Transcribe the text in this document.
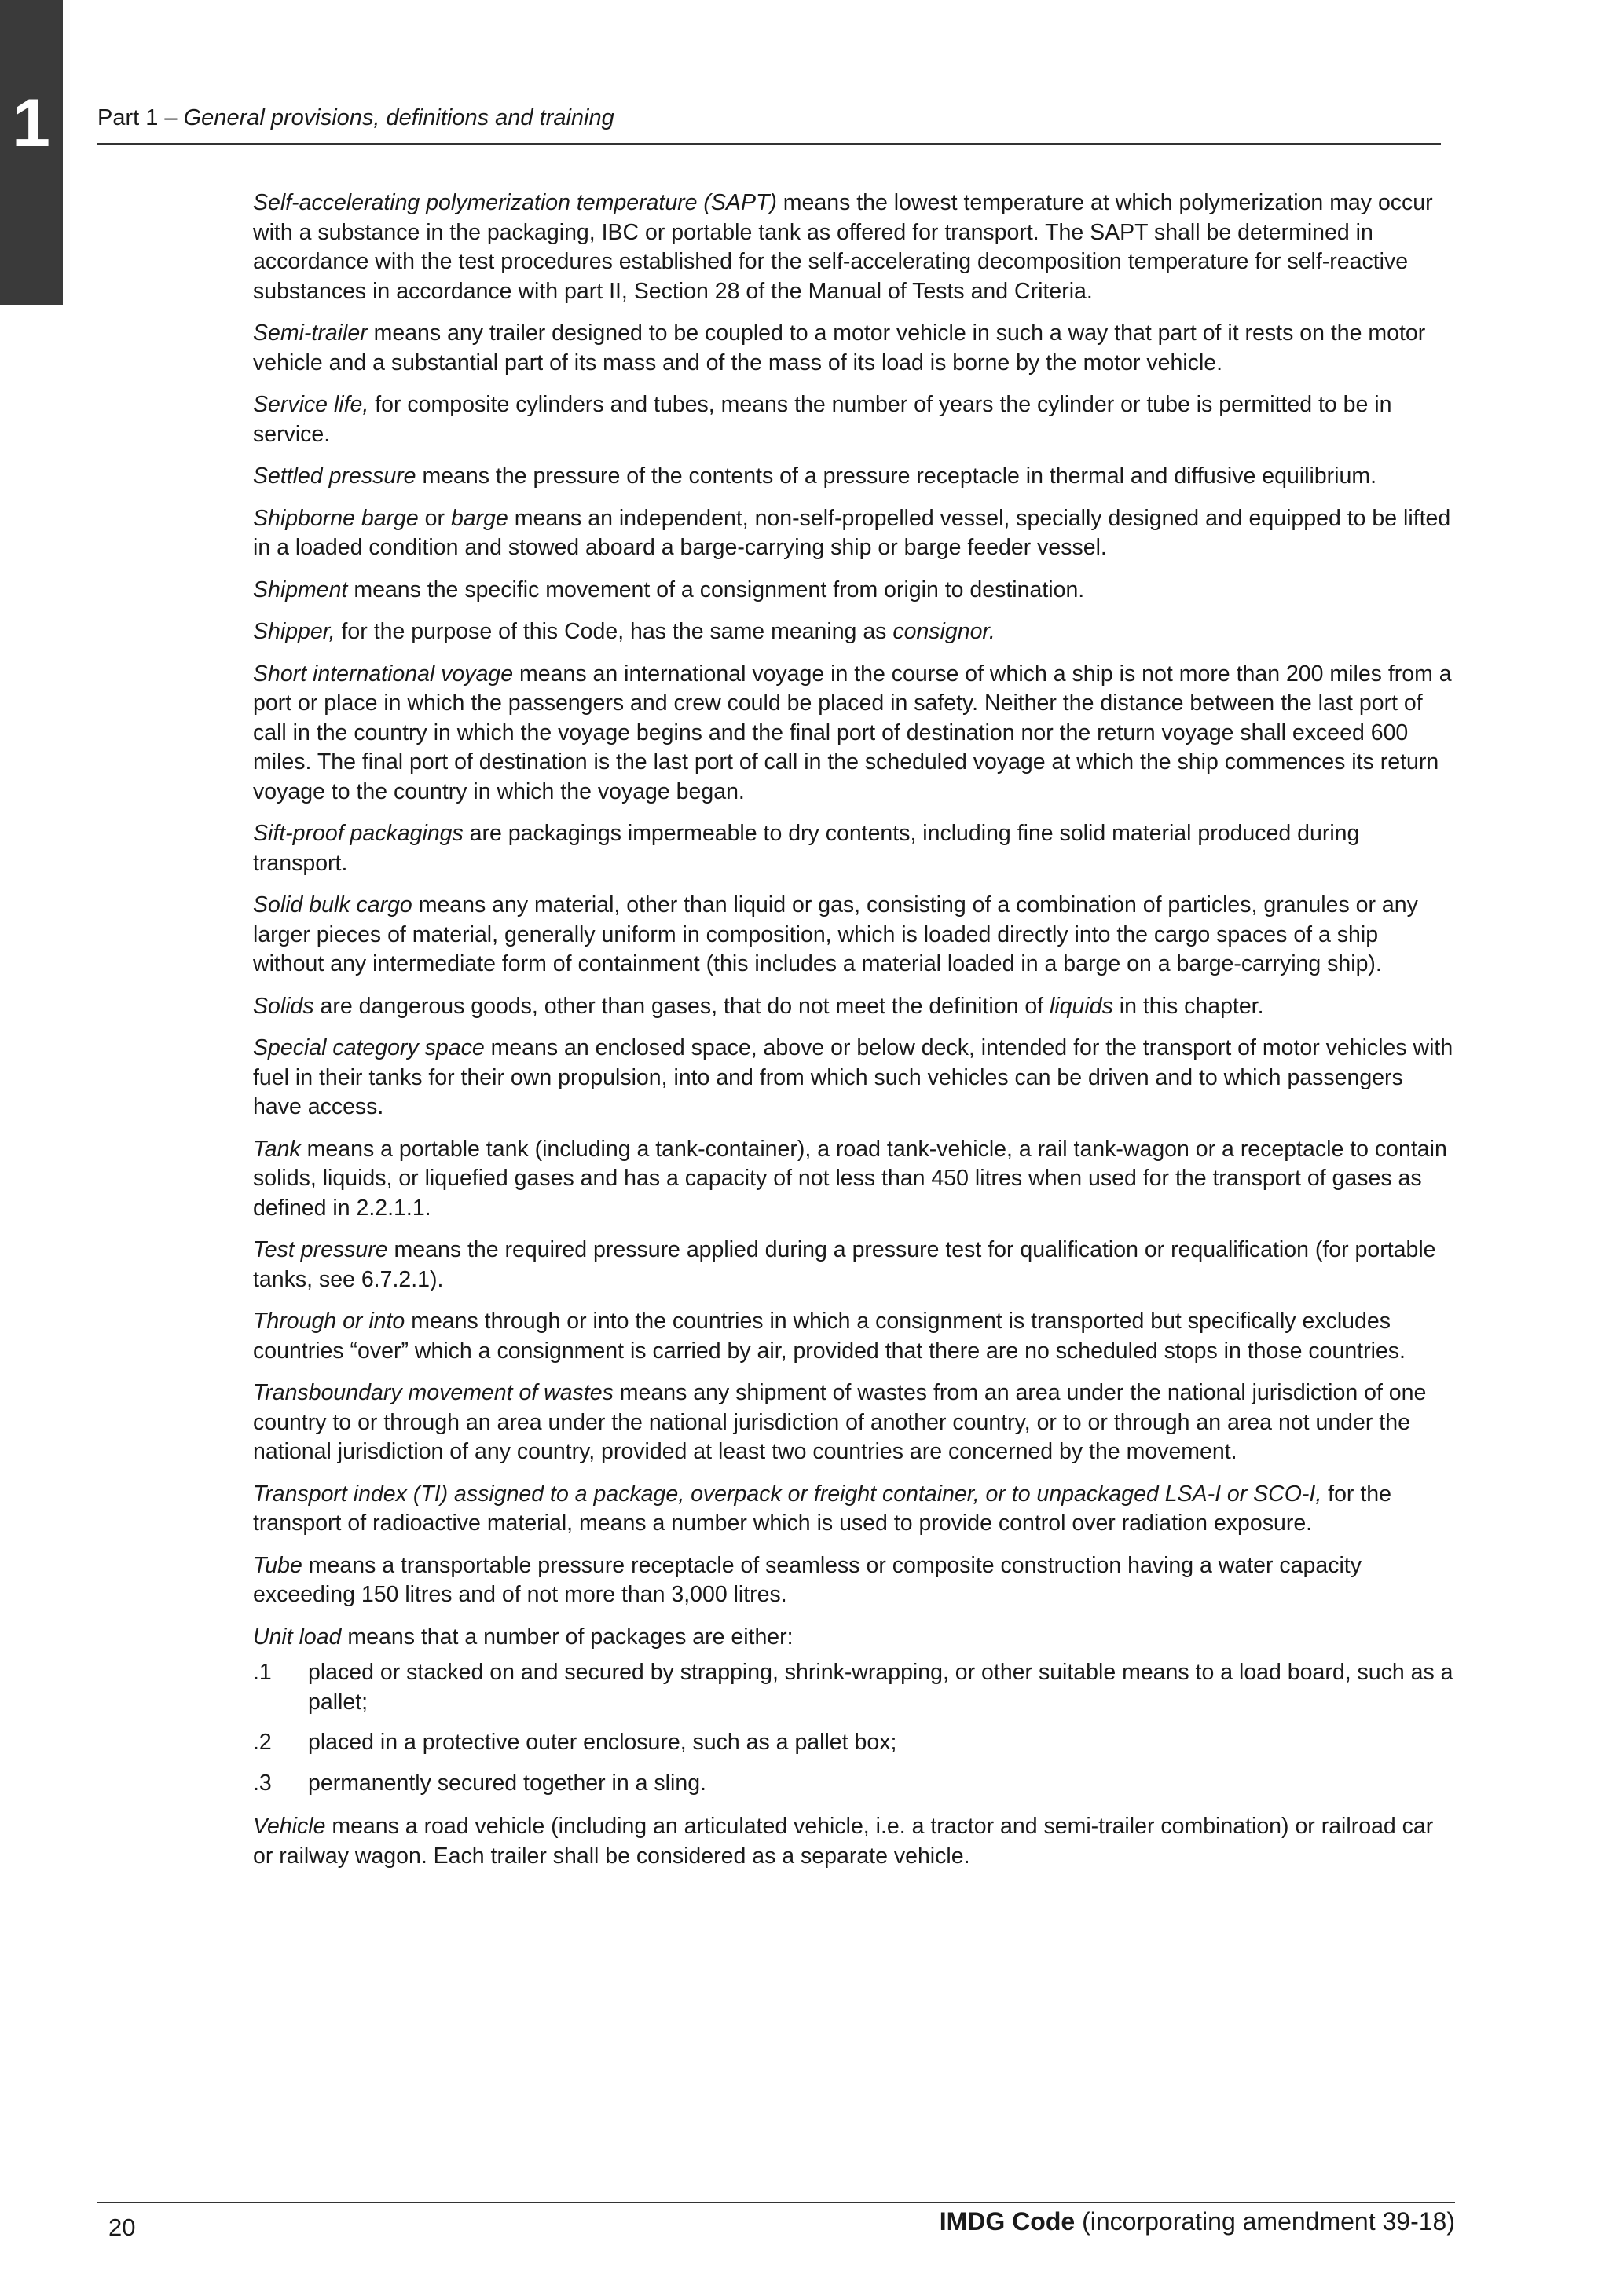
1 Part 1 – General provisions, definitions and training

Self-accelerating polymerization temperature (SAPT) means the lowest temperature at which polymerization may occur with a substance in the packaging, IBC or portable tank as offered for transport. The SAPT shall be determined in accordance with the test procedures established for the self-accelerating decomposition temperature for self-reactive substances in accordance with part II, Section 28 of the Manual of Tests and Criteria.

Semi-trailer means any trailer designed to be coupled to a motor vehicle in such a way that part of it rests on the motor vehicle and a substantial part of its mass and of the mass of its load is borne by the motor vehicle.

Service life, for composite cylinders and tubes, means the number of years the cylinder or tube is permitted to be in service.

Settled pressure means the pressure of the contents of a pressure receptacle in thermal and diffusive equilibrium.

Shipborne barge or barge means an independent, non-self-propelled vessel, specially designed and equipped to be lifted in a loaded condition and stowed aboard a barge-carrying ship or barge feeder vessel.

Shipment means the specific movement of a consignment from origin to destination.

Shipper, for the purpose of this Code, has the same meaning as consignor.

Short international voyage means an international voyage in the course of which a ship is not more than 200 miles from a port or place in which the passengers and crew could be placed in safety. Neither the distance between the last port of call in the country in which the voyage begins and the final port of destination nor the return voyage shall exceed 600 miles. The final port of destination is the last port of call in the scheduled voyage at which the ship commences its return voyage to the country in which the voyage began.

Sift-proof packagings are packagings impermeable to dry contents, including fine solid material produced during transport.

Solid bulk cargo means any material, other than liquid or gas, consisting of a combination of particles, granules or any larger pieces of material, generally uniform in composition, which is loaded directly into the cargo spaces of a ship without any intermediate form of containment (this includes a material loaded in a barge on a barge-carrying ship).

Solids are dangerous goods, other than gases, that do not meet the definition of liquids in this chapter.

Special category space means an enclosed space, above or below deck, intended for the transport of motor vehicles with fuel in their tanks for their own propulsion, into and from which such vehicles can be driven and to which passengers have access.

Tank means a portable tank (including a tank-container), a road tank-vehicle, a rail tank-wagon or a receptacle to contain solids, liquids, or liquefied gases and has a capacity of not less than 450 litres when used for the transport of gases as defined in 2.2.1.1.

Test pressure means the required pressure applied during a pressure test for qualification or requalification (for portable tanks, see 6.7.2.1).

Through or into means through or into the countries in which a consignment is transported but specifically excludes countries “over” which a consignment is carried by air, provided that there are no scheduled stops in those countries.

Transboundary movement of wastes means any shipment of wastes from an area under the national jurisdiction of one country to or through an area under the national jurisdiction of another country, or to or through an area not under the national jurisdiction of any country, provided at least two countries are concerned by the movement.

Transport index (TI) assigned to a package, overpack or freight container, or to unpackaged LSA-I or SCO-I, for the transport of radioactive material, means a number which is used to provide control over radiation exposure.

Tube means a transportable pressure receptacle of seamless or composite construction having a water capacity exceeding 150 litres and of not more than 3,000 litres.

Unit load means that a number of packages are either:

.1	placed or stacked on and secured by strapping, shrink-wrapping, or other suitable means to a load board, such as a pallet;
.2	placed in a protective outer enclosure, such as a pallet box;
.3	permanently secured together in a sling.

Vehicle means a road vehicle (including an articulated vehicle, i.e. a tractor and semi-trailer combination) or railroad car or railway wagon. Each trailer shall be considered as a separate vehicle.

20	IMDG Code (incorporating amendment 39-18)
